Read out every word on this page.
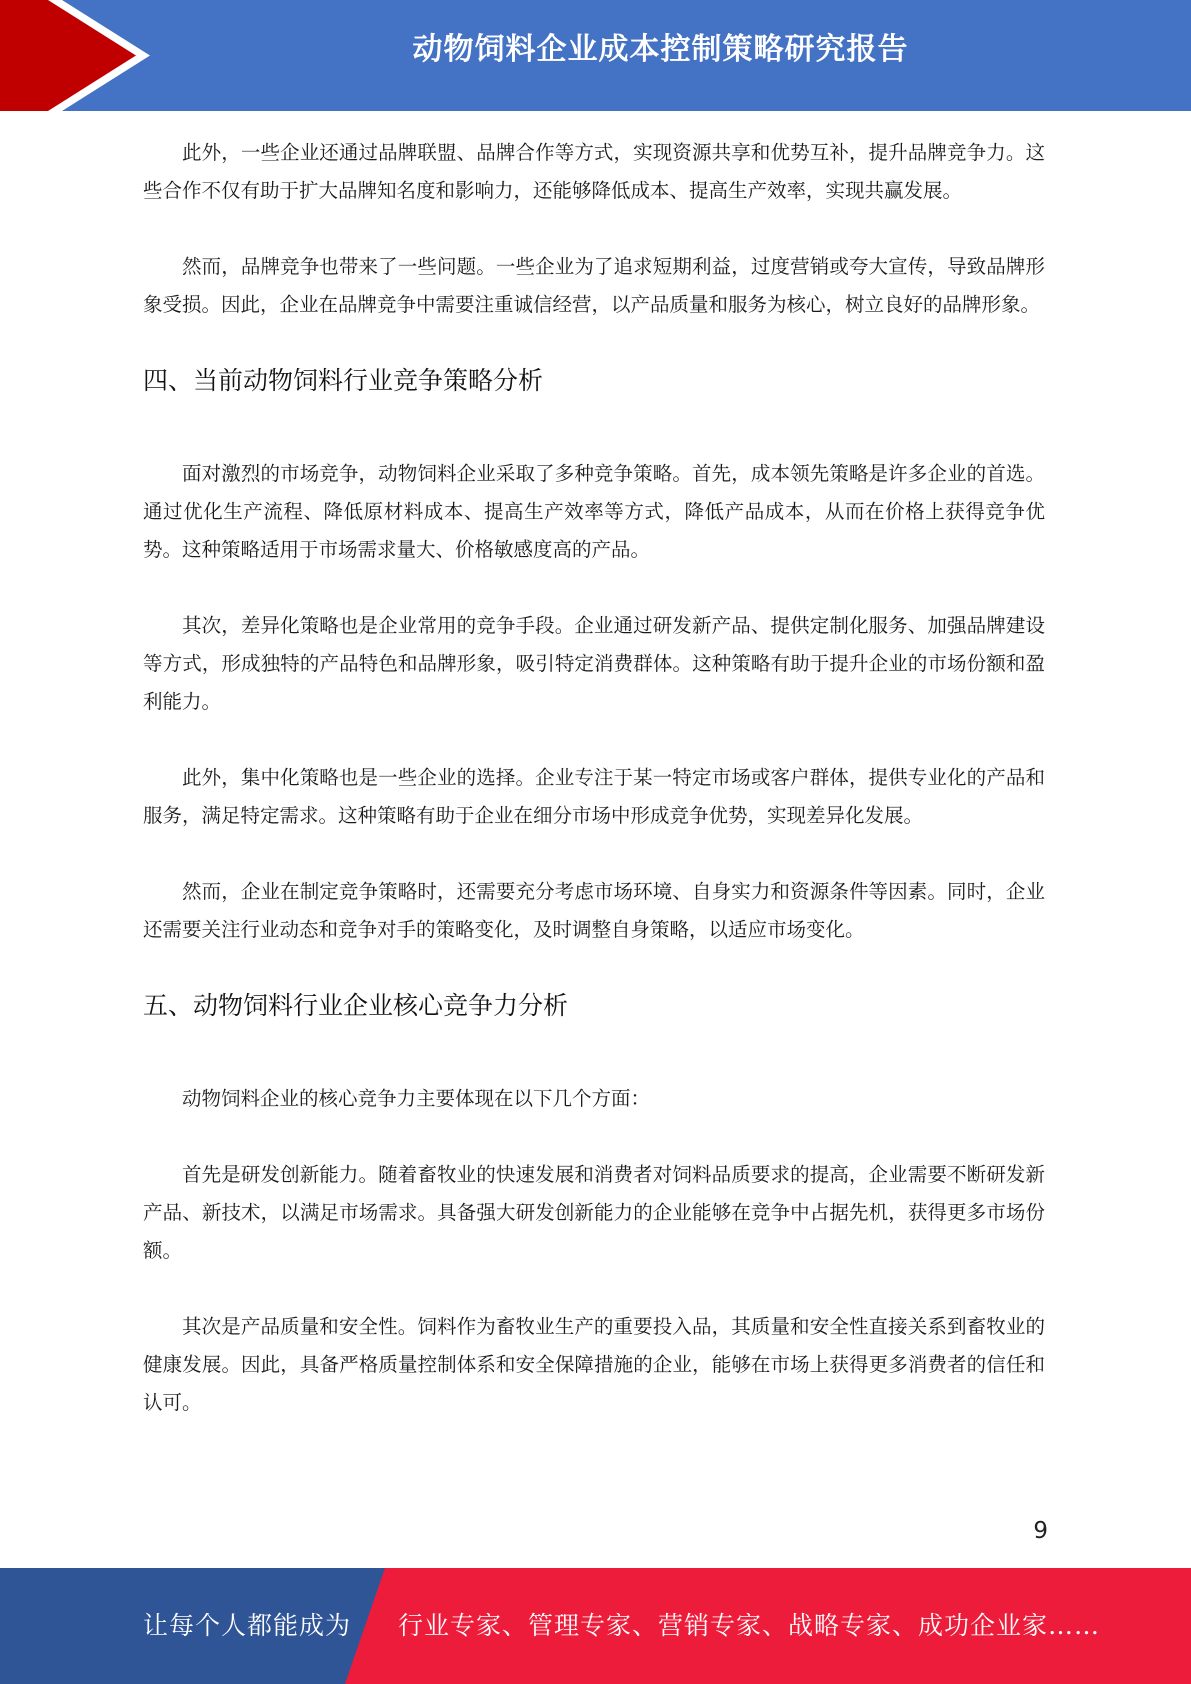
动物饲料企业成本控制策略研究报告

此外，一些企业还通过品牌联盟、品牌合作等方式，实现资源共享和优势互补，提升品牌竞争力。这些合作不仅有助于扩大品牌知名度和影响力，还能够降低成本、提高生产效率，实现共赢发展。

然而，品牌竞争也带来了一些问题。一些企业为了追求短期利益，过度营销或夸大宣传，导致品牌形象受损。因此，企业在品牌竞争中需要注重诚信经营，以产品质量和服务为核心，树立良好的品牌形象。

四、当前动物饲料行业竞争策略分析

面对激烈的市场竞争，动物饲料企业采取了多种竞争策略。首先，成本领先策略是许多企业的首选。通过优化生产流程、降低原材料成本、提高生产效率等方式，降低产品成本，从而在价格上获得竞争优势。这种策略适用于市场需求量大、价格敏感度高的产品。

其次，差异化策略也是企业常用的竞争手段。企业通过研发新产品、提供定制化服务、加强品牌建设等方式，形成独特的产品特色和品牌形象，吸引特定消费群体。这种策略有助于提升企业的市场份额和盈利能力。

此外，集中化策略也是一些企业的选择。企业专注于某一特定市场或客户群体，提供专业化的产品和服务，满足特定需求。这种策略有助于企业在细分市场中形成竞争优势，实现差异化发展。

然而，企业在制定竞争策略时，还需要充分考虑市场环境、自身实力和资源条件等因素。同时，企业还需要关注行业动态和竞争对手的策略变化，及时调整自身策略，以适应市场变化。

五、动物饲料行业企业核心竞争力分析

动物饲料企业的核心竞争力主要体现在以下几个方面：

首先是研发创新能力。随着畜牧业的快速发展和消费者对饲料品质要求的提高，企业需要不断研发新产品、新技术，以满足市场需求。具备强大研发创新能力的企业能够在竞争中占据先机，获得更多市场份额。

其次是产品质量和安全性。饲料作为畜牧业生产的重要投入品，其质量和安全性直接关系到畜牧业的健康发展。因此，具备严格质量控制体系和安全保障措施的企业，能够在市场上获得更多消费者的信任和认可。

9
让每个人都能成为 行业专家、管理专家、营销专家、战略专家、成功企业家……
